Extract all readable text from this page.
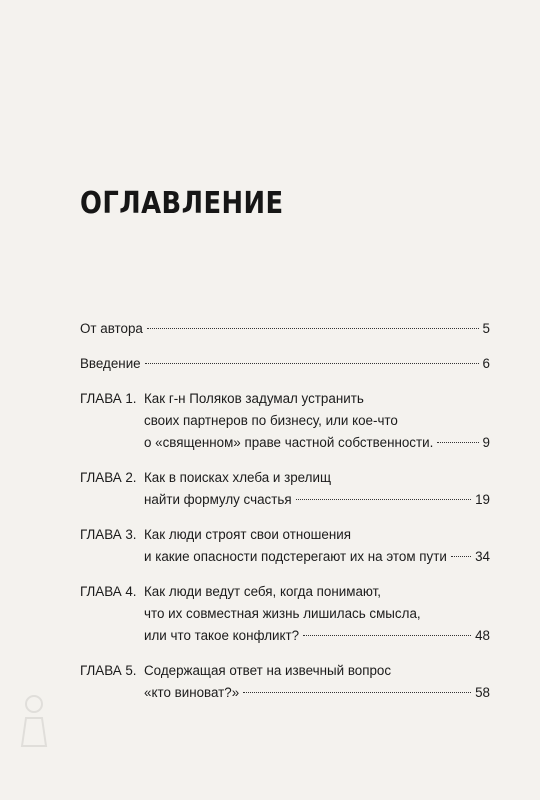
ОГЛАВЛЕНИЕ
От автора	5
Введение	6
ГЛАВА 1. Как г-н Поляков задумал устранить
своих партнеров по бизнесу, или кое-что
о «священном» праве частной собственности.	9
ГЛАВА 2. Как в поисках хлеба и зрелищ
найти формулу счастья	19
ГЛАВА 3. Как люди строят свои отношения
и какие опасности подстерегают их на этом пути 34
ГЛАВА 4. Как люди ведут себя, когда понимают,
что их совместная жизнь лишилась смысла,
или что такое конфликт?	48
ГЛАВА 5. Содержащая ответ на извечный вопрос
«кто виноват?»	58
